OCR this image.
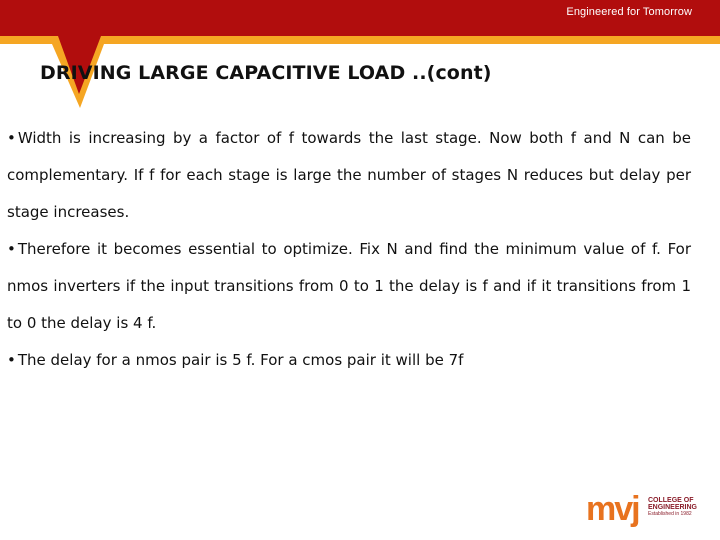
Engineered for Tomorrow
DRIVING LARGE CAPACITIVE LOAD ..(cont)

• Width is increasing by a factor of f towards the last stage. Now both f and N can be complementary. If f for each stage is large the number of stages N reduces but delay per stage increases.

• Therefore it becomes essential to optimize. Fix N and find the minimum value of f. For nmos inverters if the input transitions from 0 to 1 the delay is f and if it transitions from 1 to 0 the delay is 4 f.

• The delay for a nmos pair is 5 f. For a cmos pair it will be 7f

mvj COLLEGE OF
ENGINEERING
Established in 1982
